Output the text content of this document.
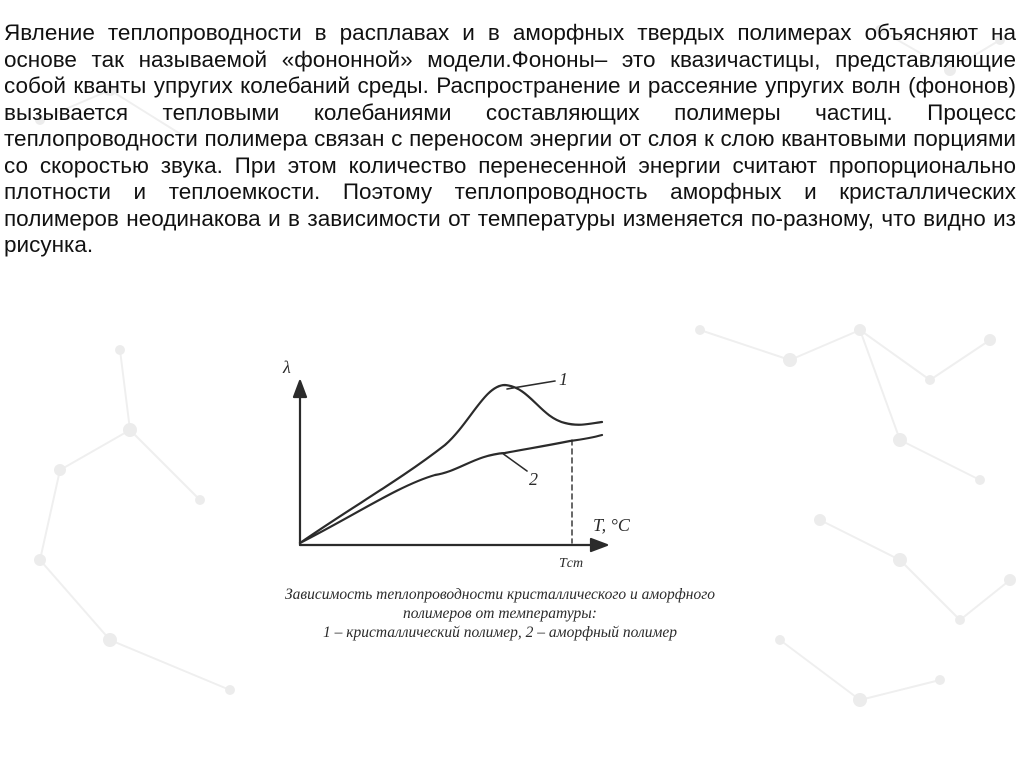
Явление теплопроводности в расплавах и в аморфных твердых полимерах объясняют на основе так называемой «фононной» модели.Фононы– это квазичастицы, представляющие собой кванты упругих колебаний среды. Распространение и рассеяние упругих волн (фононов) вызывается тепловыми колебаниями составляющих полимеры частиц. Процесс теплопроводности полимера связан с переносом энергии от слоя к слою квантовыми порциями со скоростью звука. При этом количество перенесенной энергии считают пропорционально плотности и теплоемкости. Поэтому теплопроводность аморфных и кристаллических полимеров неодинакова и в зависимости от температуры изменяется по-разному, что видно из рисунка.

λ
1
2
T, °C
Tст
Зависимость теплопроводности кристаллического и аморфного
полимеров от температуры:
1 – кристаллический полимер, 2 – аморфный полимер
